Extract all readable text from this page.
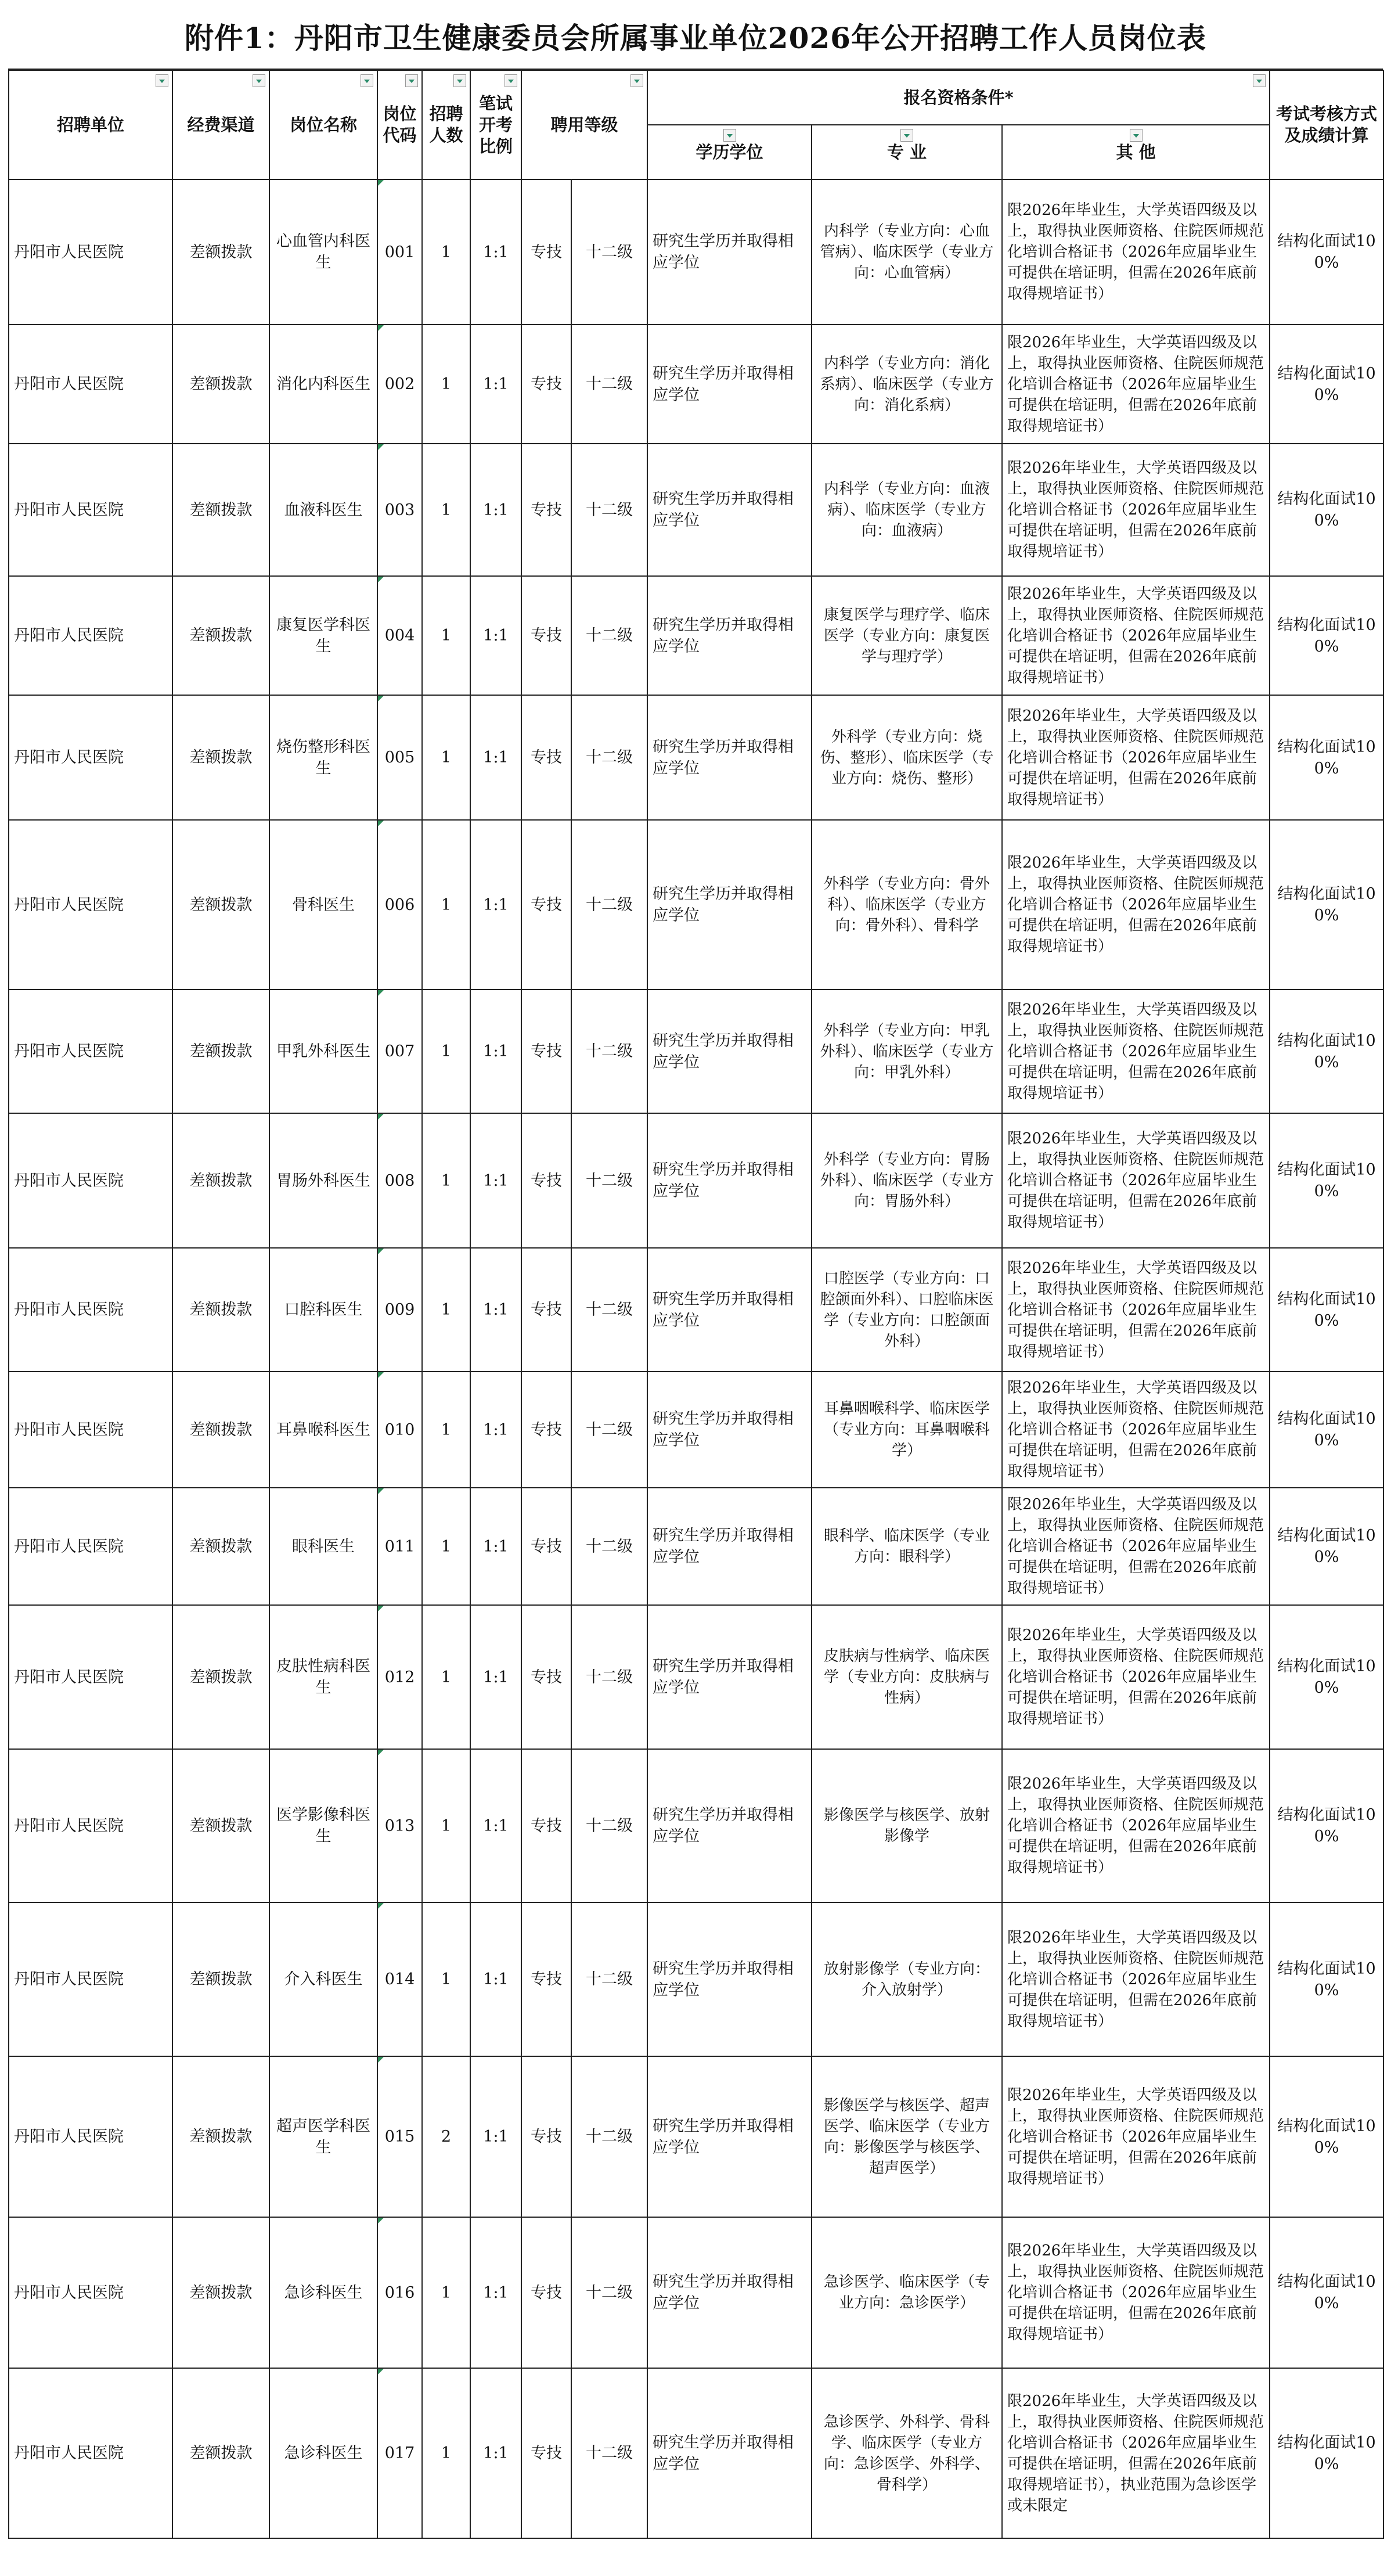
附件1：丹阳市卫生健康委员会所属事业单位2026年公开招聘工作人员岗位表
招聘单位	经费渠道	岗位名称	岗位代码	招聘人数	笔试开考比例	聘用等级		报名资格条件*			考试考核方式及成绩计算
								学历学位	专 业	其 他	

丹阳市人民医院	差额拨款	心血管内科医生	001	1	1:1	专技	十二级	研究生学历并取得相应学位	内科学（专业方向：心血管病）、临床医学（专业方向：心血管病）	限2026年毕业生，大学英语四级及以上，取得执业医师资格、住院医师规范化培训合格证书（2026年应届毕业生可提供在培证明，但需在2026年底前取得规培证书）	结构化面试100%
丹阳市人民医院	差额拨款	消化内科医生	002	1	1:1	专技	十二级	研究生学历并取得相应学位	内科学（专业方向：消化系病）、临床医学（专业方向：消化系病）	限2026年毕业生，大学英语四级及以上，取得执业医师资格、住院医师规范化培训合格证书（2026年应届毕业生可提供在培证明，但需在2026年底前取得规培证书）	结构化面试100%
丹阳市人民医院	差额拨款	血液科医生	003	1	1:1	专技	十二级	研究生学历并取得相应学位	内科学（专业方向：血液病）、临床医学（专业方向：血液病）	限2026年毕业生，大学英语四级及以上，取得执业医师资格、住院医师规范化培训合格证书（2026年应届毕业生可提供在培证明，但需在2026年底前取得规培证书）	结构化面试100%
丹阳市人民医院	差额拨款	康复医学科医生	004	1	1:1	专技	十二级	研究生学历并取得相应学位	康复医学与理疗学、临床医学（专业方向：康复医学与理疗学）	限2026年毕业生，大学英语四级及以上，取得执业医师资格、住院医师规范化培训合格证书（2026年应届毕业生可提供在培证明，但需在2026年底前取得规培证书）	结构化面试100%
丹阳市人民医院	差额拨款	烧伤整形科医生	005	1	1:1	专技	十二级	研究生学历并取得相应学位	外科学（专业方向：烧伤、整形）、临床医学（专业方向：烧伤、整形）	限2026年毕业生，大学英语四级及以上，取得执业医师资格、住院医师规范化培训合格证书（2026年应届毕业生可提供在培证明，但需在2026年底前取得规培证书）	结构化面试100%
丹阳市人民医院	差额拨款	骨科医生	006	1	1:1	专技	十二级	研究生学历并取得相应学位	外科学（专业方向：骨外科）、临床医学（专业方向：骨外科）、骨科学	限2026年毕业生，大学英语四级及以上，取得执业医师资格、住院医师规范化培训合格证书（2026年应届毕业生可提供在培证明，但需在2026年底前取得规培证书）	结构化面试100%
丹阳市人民医院	差额拨款	甲乳外科医生	007	1	1:1	专技	十二级	研究生学历并取得相应学位	外科学（专业方向：甲乳外科）、临床医学（专业方向：甲乳外科）	限2026年毕业生，大学英语四级及以上，取得执业医师资格、住院医师规范化培训合格证书（2026年应届毕业生可提供在培证明，但需在2026年底前取得规培证书）	结构化面试100%
丹阳市人民医院	差额拨款	胃肠外科医生	008	1	1:1	专技	十二级	研究生学历并取得相应学位	外科学（专业方向：胃肠外科）、临床医学（专业方向：胃肠外科）	限2026年毕业生，大学英语四级及以上，取得执业医师资格、住院医师规范化培训合格证书（2026年应届毕业生可提供在培证明，但需在2026年底前取得规培证书）	结构化面试100%
丹阳市人民医院	差额拨款	口腔科医生	009	1	1:1	专技	十二级	研究生学历并取得相应学位	口腔医学（专业方向：口腔颌面外科）、口腔临床医学（专业方向：口腔颌面外科）	限2026年毕业生，大学英语四级及以上，取得执业医师资格、住院医师规范化培训合格证书（2026年应届毕业生可提供在培证明，但需在2026年底前取得规培证书）	结构化面试100%
丹阳市人民医院	差额拨款	耳鼻喉科医生	010	1	1:1	专技	十二级	研究生学历并取得相应学位	耳鼻咽喉科学、临床医学（专业方向：耳鼻咽喉科学）	限2026年毕业生，大学英语四级及以上，取得执业医师资格、住院医师规范化培训合格证书（2026年应届毕业生可提供在培证明，但需在2026年底前取得规培证书）	结构化面试100%
丹阳市人民医院	差额拨款	眼科医生	011	1	1:1	专技	十二级	研究生学历并取得相应学位	眼科学、临床医学（专业方向：眼科学）	限2026年毕业生，大学英语四级及以上，取得执业医师资格、住院医师规范化培训合格证书（2026年应届毕业生可提供在培证明，但需在2026年底前取得规培证书）	结构化面试100%
丹阳市人民医院	差额拨款	皮肤性病科医生	012	1	1:1	专技	十二级	研究生学历并取得相应学位	皮肤病与性病学、临床医学（专业方向：皮肤病与性病）	限2026年毕业生，大学英语四级及以上，取得执业医师资格、住院医师规范化培训合格证书（2026年应届毕业生可提供在培证明，但需在2026年底前取得规培证书）	结构化面试100%
丹阳市人民医院	差额拨款	医学影像科医生	013	1	1:1	专技	十二级	研究生学历并取得相应学位	影像医学与核医学、放射影像学	限2026年毕业生，大学英语四级及以上，取得执业医师资格、住院医师规范化培训合格证书（2026年应届毕业生可提供在培证明，但需在2026年底前取得规培证书）	结构化面试100%
丹阳市人民医院	差额拨款	介入科医生	014	1	1:1	专技	十二级	研究生学历并取得相应学位	放射影像学（专业方向：介入放射学）	限2026年毕业生，大学英语四级及以上，取得执业医师资格、住院医师规范化培训合格证书（2026年应届毕业生可提供在培证明，但需在2026年底前取得规培证书）	结构化面试100%
丹阳市人民医院	差额拨款	超声医学科医生	015	2	1:1	专技	十二级	研究生学历并取得相应学位	影像医学与核医学、超声医学、临床医学（专业方向：影像医学与核医学、超声医学）	限2026年毕业生，大学英语四级及以上，取得执业医师资格、住院医师规范化培训合格证书（2026年应届毕业生可提供在培证明，但需在2026年底前取得规培证书）	结构化面试100%
丹阳市人民医院	差额拨款	急诊科医生	016	1	1:1	专技	十二级	研究生学历并取得相应学位	急诊医学、临床医学（专业方向：急诊医学）	限2026年毕业生，大学英语四级及以上，取得执业医师资格、住院医师规范化培训合格证书（2026年应届毕业生可提供在培证明，但需在2026年底前取得规培证书）	结构化面试100%
丹阳市人民医院	差额拨款	急诊科医生	017	1	1:1	专技	十二级	研究生学历并取得相应学位	急诊医学、外科学、骨科学、临床医学（专业方向：急诊医学、外科学、骨科学）	限2026年毕业生，大学英语四级及以上，取得执业医师资格、住院医师规范化培训合格证书（2026年应届毕业生可提供在培证明，但需在2026年底前取得规培证书），执业范围为急诊医学或未限定	结构化面试100%
